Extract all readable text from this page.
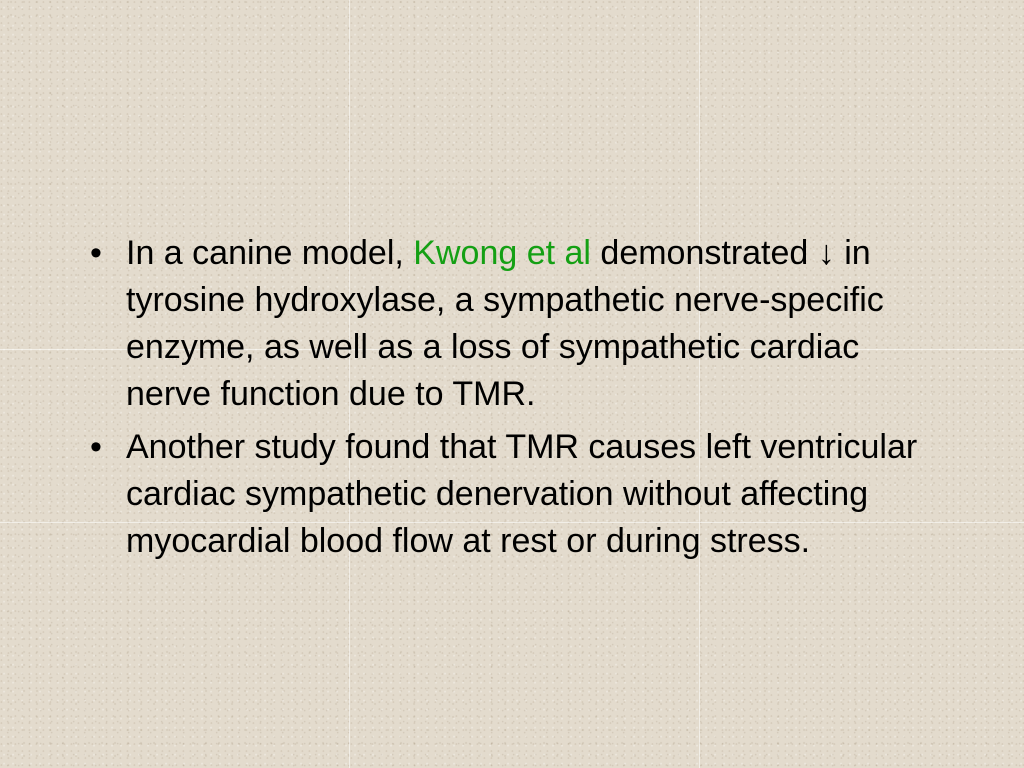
• In a canine model, Kwong et al demonstrated ↓ in tyrosine hydroxylase, a sympathetic nerve-specific enzyme, as well as a loss of sympathetic cardiac nerve function due to TMR.
• Another study found that TMR causes left ventricular cardiac sympathetic denervation without affecting myocardial blood flow at rest or during stress.
